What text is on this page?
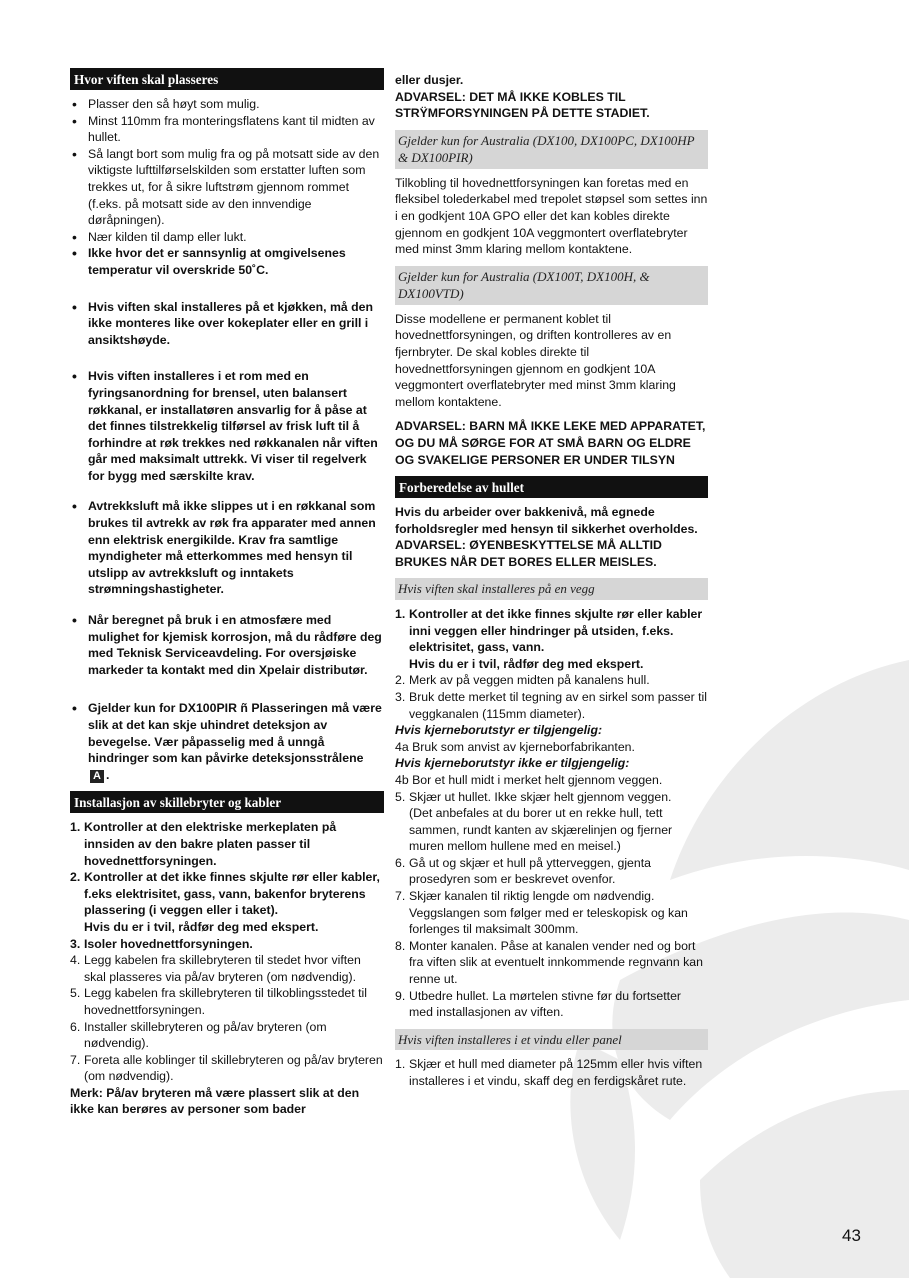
Hvor viften skal plasseres
• Plasser den så høyt som mulig.
• Minst 110mm fra monteringsflatens kant til midten av hullet.
• Så langt bort som mulig fra og på motsatt side av den viktigste lufttilførselskilden som erstatter luften som trekkes ut, for å sikre luftstrøm gjennom rommet (f.eks. på motsatt side av den innvendige døråpningen).
• Nær kilden til damp eller lukt.
• Ikke hvor det er sannsynlig at omgivelsenes temperatur vil overskride 50˚C.
• Hvis viften skal installeres på et kjøkken, må den ikke monteres like over kokeplater eller en grill i ansiktshøyde.
• Hvis viften installeres i et rom med en fyringsanordning for brensel, uten balansert røkkanal, er installatøren ansvarlig for å påse at det finnes tilstrekkelig tilførsel av frisk luft til å forhindre at røk trekkes ned røkkanalen når viften går med maksimalt uttrekk. Vi viser til regelverk for bygg med særskilte krav.
• Avtrekksluft må ikke slippes ut i en røkkanal som brukes til avtrekk av røk fra apparater med annen enn elektrisk energikilde. Krav fra samtlige myndigheter må etterkommes med hensyn til utslipp av avtrekksluft og inntakets strømningshastigheter.
• Når beregnet på bruk i en atmosfære med mulighet for kjemisk korrosjon, må du rådføre deg med Teknisk Serviceavdeling. For oversjøiske markeder ta kontakt med din Xpelair distributør.
• Gjelder kun for DX100PIR ñ Plasseringen må være slik at det kan skje uhindret deteksjon av bevegelse. Vær påpasselig med å unngå hindringer som kan påvirke deteksjonsstrålene A .
Installasjon av skillebryter og kabler
1. Kontroller at den elektriske merkeplaten på innsiden av den bakre platen passer til hovednettforsyningen.
2. Kontroller at det ikke finnes skjulte rør eller kabler, f.eks elektrisitet, gass, vann, bakenfor bryterens plassering (i veggen eller i taket).
Hvis du er i tvil, rådfør deg med ekspert.
3. Isoler hovednettforsyningen.
4. Legg kabelen fra skillebryteren til stedet hvor viften skal plasseres via på/av bryteren (om nødvendig).
5. Legg kabelen fra skillebryteren til tilkoblingsstedet til hovednettforsyningen.
6. Installer skillebryteren og på/av bryteren (om nødvendig).
7. Foreta alle koblinger til skillebryteren og på/av bryteren (om nødvendig).

Merk: På/av bryteren må være plassert slik at den ikke kan berøres av personer som bader

eller dusjer.

ADVARSEL: DET MÅ IKKE KOBLES TIL STRŸMFORSYNINGEN PÅ DETTE STADIET.

Gjelder kun for Australia (DX100, DX100PC, DX100HP & DX100PIR)

Tilkobling til hovednettforsyningen kan foretas med en fleksibel tolederkabel med trepolet støpsel som settes inn i en godkjent 10A GPO eller det kan kobles direkte gjennom en godkjent 10A veggmontert overflatebryter med minst 3mm klaring mellom kontaktene.

Gjelder kun for Australia (DX100T, DX100H, & DX100VTD)

Disse modellene er permanent koblet til hovednettforsyningen, og driften kontrolleres av en fjernbryter. De skal kobles direkte til hovednettforsyningen gjennom en godkjent 10A veggmontert overflatebryter med minst 3mm klaring mellom kontaktene.

ADVARSEL: BARN MÅ IKKE LEKE MED APPARATET, OG DU MÅ SØRGE FOR AT SMÅ BARN OG ELDRE OG SVAKELIGE PERSONER ER UNDER TILSYN

Forberedelse av hullet

Hvis du arbeider over bakkenivå, må egnede forholdsregler med hensyn til sikkerhet overholdes.

ADVARSEL: ØYENBESKYTTELSE MÅ ALLTID BRUKES NÅR DET BORES ELLER MEISLES.

Hvis viften skal installeres på en vegg
1. Kontroller at det ikke finnes skjulte rør eller kabler inni veggen eller hindringer på utsiden, f.eks. elektrisitet, gass, vann.
Hvis du er i tvil, rådfør deg med ekspert.
2. Merk av på veggen midten på kanalens hull.
3. Bruk dette merket til tegning av en sirkel som passer til veggkanalen (115mm diameter).

Hvis kjerneborutstyr er tilgjengelig:

4a Bruk som anvist av kjerneborfabrikanten.

Hvis kjerneborutstyr ikke er tilgjengelig:

4b Bor et hull midt i merket helt gjennom veggen.

5. Skjær ut hullet. Ikke skjær helt gjennom veggen.
(Det anbefales at du borer ut en rekke hull, tett sammen, rundt kanten av skjærelinjen og fjerner muren mellom hullene med en meisel.)
6. Gå ut og skjær et hull på ytterveggen, gjenta prosedyren som er beskrevet ovenfor.
7. Skjær kanalen til riktig lengde om nødvendig. Veggslangen som følger med er teleskopisk og kan forlenges til maksimalt 300mm.
8. Monter kanalen. Påse at kanalen vender ned og bort fra viften slik at eventuelt innkommende regnvann kan renne ut.
9. Utbedre hullet. La mørtelen stivne før du fortsetter med installasjonen av viften.
Hvis viften installeres i et vindu eller panel
1. Skjær et hull med diameter på 125mm eller hvis viften installeres i et vindu, skaff deg en ferdigskåret rute.
43
